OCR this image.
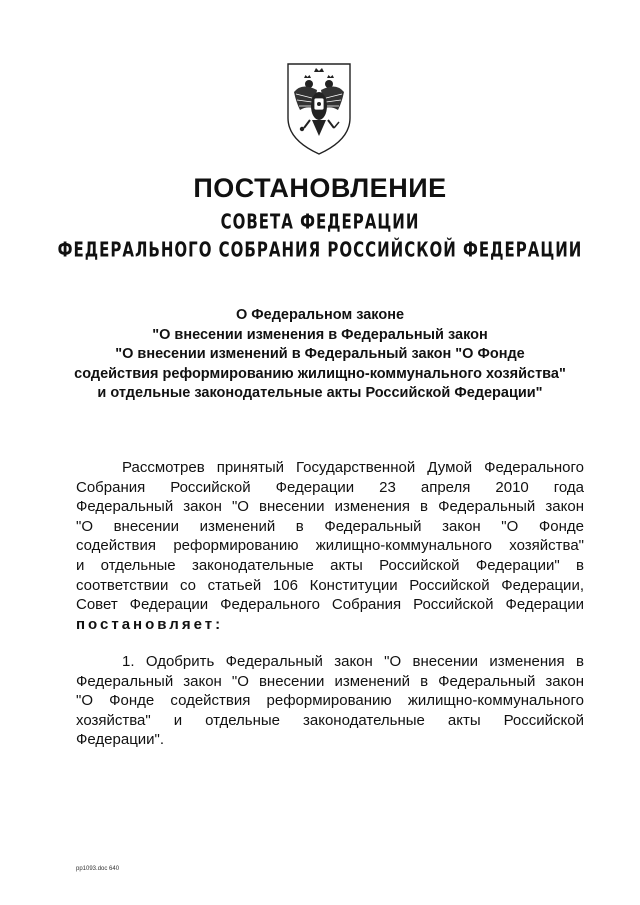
ПОСТАНОВЛЕНИЕ
СОВЕТА ФЕДЕРАЦИИ
ФЕДЕРАЛЬНОГО СОБРАНИЯ РОССИЙСКОЙ ФЕДЕРАЦИИ
О Федеральном законе
"О внесении изменения в Федеральный закон
"О внесении изменений в Федеральный закон "О Фонде
содействия реформированию жилищно-коммунального хозяйства"
и отдельные законодательные акты Российской Федерации"
Рассмотрев принятый Государственной Думой Федерального
Собрания Российской Федерации 23 апреля 2010 года
Федеральный закон "О внесении изменения в Федеральный закон
"О внесении изменений в Федеральный закон "О Фонде
содействия реформированию жилищно-коммунального хозяйства"
и отдельные законодательные акты Российской Федерации" в
соответствии со статьей 106 Конституции Российской Федерации,
Совет Федерации Федерального Собрания Российской Федерации
постановляет:
1. Одобрить Федеральный закон "О внесении изменения в
Федеральный закон "О внесении изменений в Федеральный закон
"О Фонде содействия реформированию жилищно-коммунального
хозяйства" и отдельные законодательные акты Российской
Федерации".
pp1093.doc 640
